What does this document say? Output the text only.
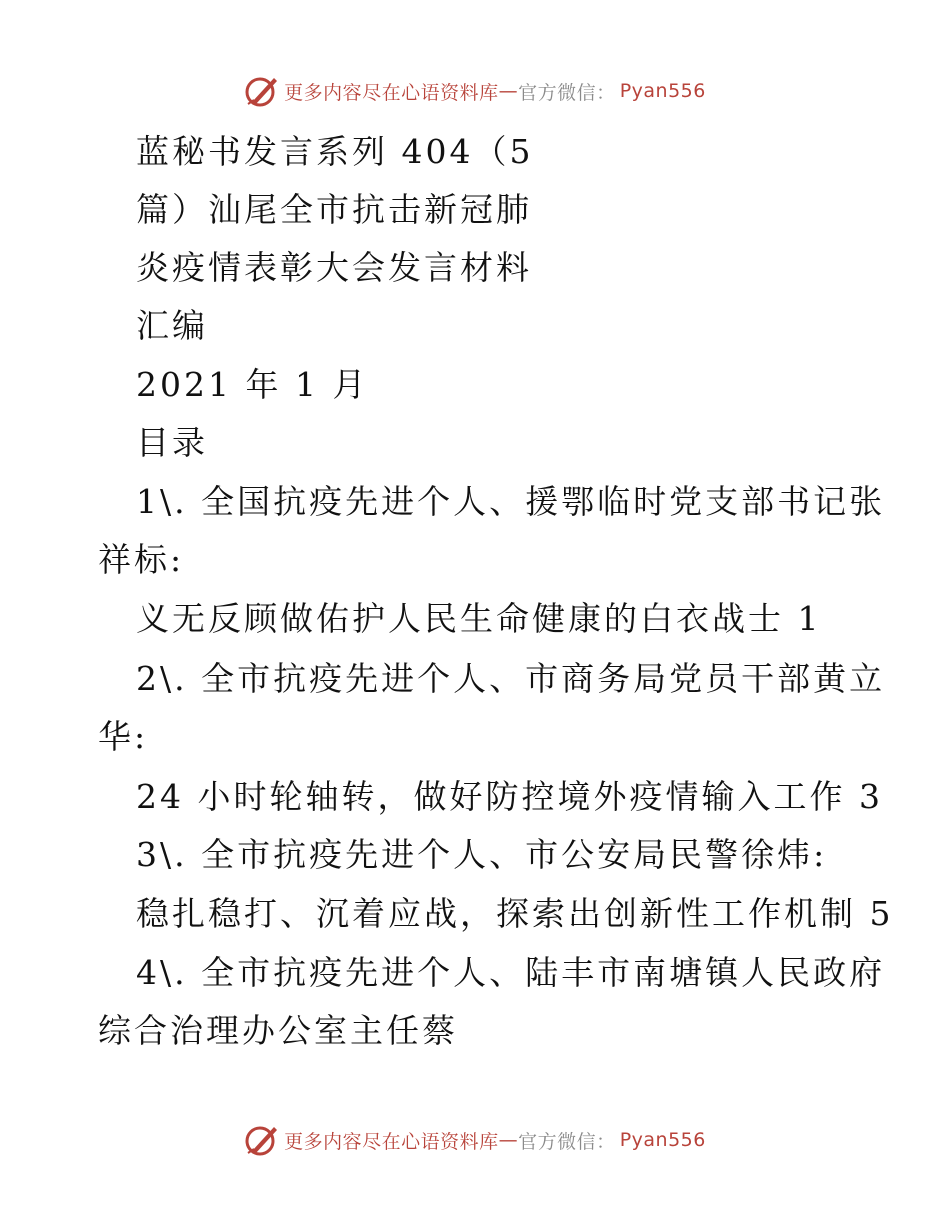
更多内容尽在心语资料库 — 官方微信： Pyan556
蓝秘书发言系列 404（5
篇）汕尾全市抗击新冠肺
炎疫情表彰大会发言材料
汇编
2021 年 1 月
目录
1\. 全国抗疫先进个人、援鄂临时党支部书记张
祥标:
义无反顾做佑护人民生命健康的白衣战士 1
2\. 全市抗疫先进个人、市商务局党员干部黄立
华:
24 小时轮轴转，做好防控境外疫情输入工作 3
3\. 全市抗疫先进个人、市公安局民警徐炜:
稳扎稳打、沉着应战，探索出创新性工作机制 5
4\. 全市抗疫先进个人、陆丰市南塘镇人民政府
综合治理办公室主任蔡
更多内容尽在心语资料库 — 官方微信： Pyan556
